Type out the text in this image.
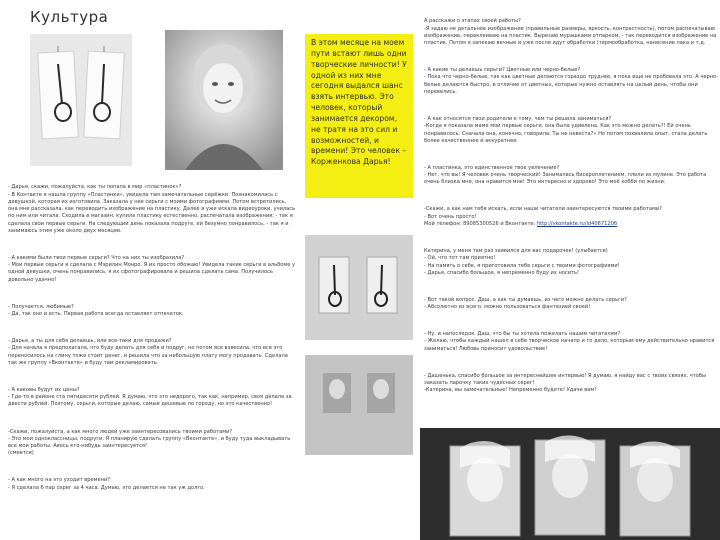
Культура
В этом месяце на моем пути встают лишь одни творческие личности! У одной из них мне сегодня выдался шанс взять интервью. Это человек, который занимается декором, не тратя на это сил и возможностей, и времени! Это человек – Корженкова Дарья!

- Дарья, скажи, пожалуйста, как ты попала в мир «пластинок»?
- В Контакте я нашла группу «Пластинки», увидела там замечательные серёжки. Познакомилась с девушкой, которая их изготовила. Заказала у нее серьги с моими фотографиями. Потом встретились, она мне рассказала, как переводить изображение на пластику. Далее я уже искала видеоуроки, училась по ним или читала. Сходила в магазин, купила пластику естественно, распечатала изображения, - так я сделала свои первые серьги. На следующий день показала подруге, ей безумно понравилось, - так я и занимаюсь этим уже около двух месяцев.

- А какими были твои первые серьги? Что на них ты изобразила?
- Мои первые серьги я сделала с Мэрилин Монро. Я их просто обожаю! Увидела такие серьги в альбоме у одной девушки, очень понравились, я их сфотографировала и решила сделать сама. Получилось довольно удачно!

- Получается, любимые?
- Да, так оно и есть. Первая работа всегда оставляет отпечаток.

- Дарья, а ты для себя делаешь, или все-таки для продажи?
- Для начала я предполагала, что буду делать для себя и подруг, но потом все взвесила, что все это переносилось на глину тоже стоит денег, и решила что за небольшую плату могу продавать. Сделала так же группу «Вконтакте» и буду там рекламировать.

- А каковы будут их цены?
- Где-то в районе ста пятидесяти рублей. Я думаю, что это недорого, так как, например, своя делала за двести рублей. Поэтому, серьги, которые делаю, самые дешевые по городу, но это качественно!

-Скажи, пожалуйста, а как много людей уже заинтересовались твоими работами?
- Это мои одноклассницы, подруги. Я планирую сделать группу «Вконтакте», и буду туда выкладывать все мои работы. Авось кто-нибудь заинтересуется!
(смеется)

- А как много на это уходит времени?
- Я сделала 6 пар серег за 4 часа. Думаю, это делается не так уж долго.

А расскажи о этапах своей работы?
-Я задаю не детальное изображение (правильные размеры, яркость, контрастность), потом распечатываю изображение, переклеиваю на пластик. Вырезаю мурашками отпарком, - так переводится изображение на пластик. Потом я запекаю вечные и уже после идут обработки (термообработка, нанесение лака и т.д.

- А какие ты делаешь серьги? Цветные или черно-белые?
- Пока что черно-белые, так как цветные делаются гораздо труднее, я пока еще не пробовала это. А черно-белые делаются быстро, в отличие от цветных, которые нужно оставлять на целый день, чтобы они перевелись.

- А как относятся твои родители к тому, чем ты решила заниматься?
-Когда я показала маме мои первые серьги, она была удивлена. Как это можно делать?! Ей очень понравилось. Сначала она, конечно, говорила: Ты не невеста?» Но потом похвалила опыт, стала делать более качественнее и аккуратнее.

- А пластинка, это единственное твое увлечение?
- Нет, что вы! Я человек очень творческий! Занималась бисероплетением, плели из мулине. Это работа очень близка мне, она нравится мне! Это интересно и здорово! Это моё хобби по жизни.

-Скажи, а как нам тебя искать, если наши читатели заинтересуются твоими работами?
- Вот очень просто!
Мой телефон: 89085300526 и Вконтакте: http://vkontakte.ru/id4067120б

Катерина, у меня там раз заявился для вас подарочек! (улыбается)
- Ой, что тот там приятно!
- На память о себе, я приготовила тебе серьги с твоими фотографиями!
- Дарья, спасибо большое, я непременно буду их носить!

- Вот такой вопрос. Даш, а как ты думаешь, из чего можно делать серьги?
- Абсолютно из всего, можно пользоваться фантазией своей!

- Ну, и напоследок. Даш, что бы ты хотела пожелать нашим читателям?
- Желаю, чтобы каждый нашел в себе творческое начало и то дело, которым ему действительно нравится заниматься! Любовь приносит удовольствие!

- Дашенька, спасибо большое за интереснейшее интервью! Я думаю, я найду вас с твоих связях, чтобы заказать парочку таких чудесных серег!
-Катерина, вы замечательные! Непременно будете! Удачи вам!
